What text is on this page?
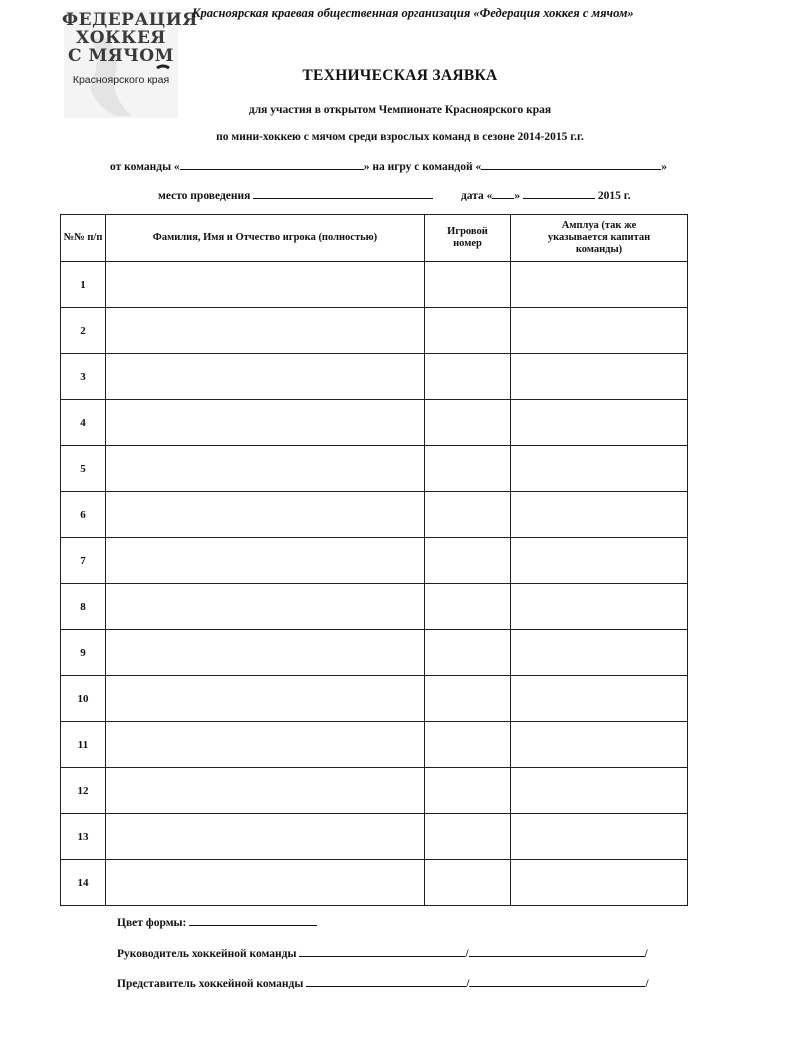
ФЕДЕРАЦИЯ
ХОККЕЯ
С МЯЧОМ
Красноярского края
Красноярская краевая общественная организация «Федерация хоккея с мячом»
ТЕХНИЧЕСКАЯ ЗАЯВКА
для участия в открытом Чемпионате Красноярского края
по мини-хоккею с мячом среди взрослых команд в сезоне 2014-2015 г.г.
от команды «	» на игру с командой «	»
место проведения	дата « »	2015 г.
№№ п/п	Фамилия, Имя и Отчество игрока (полностью)	Игровой номер	Амплуа (так же указывается капитан команды)
1			
2			
3			
4			
5			
6			
7			
8			
9			
10			
11			
12			
13			
14			
Цвет формы:
Руководитель хоккейной команды	/	/
Представитель хоккейной команды	/	/
